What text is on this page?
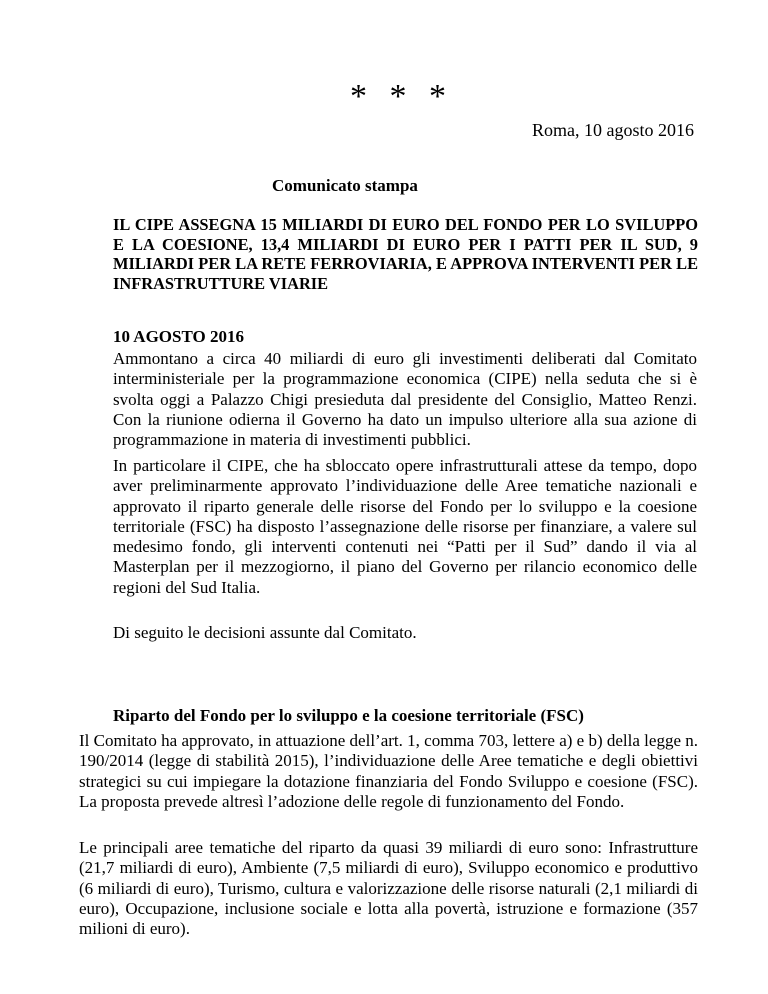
* * *
Roma, 10 agosto 2016
Comunicato stampa
IL CIPE ASSEGNA 15 MILIARDI DI EURO DEL FONDO PER LO SVILUPPO E LA COESIONE, 13,4 MILIARDI DI EURO PER I PATTI PER IL SUD, 9 MILIARDI PER LA RETE FERROVIARIA, E APPROVA INTERVENTI PER LE INFRASTRUTTURE VIARIE
10 AGOSTO 2016

Ammontano a circa 40 miliardi di euro gli investimenti deliberati dal Comitato interministeriale per la programmazione economica (CIPE) nella seduta che si è svolta oggi a Palazzo Chigi presieduta dal presidente del Consiglio, Matteo Renzi. Con la riunione odierna il Governo ha dato un impulso ulteriore alla sua azione di programmazione in materia di investimenti pubblici.

In particolare il CIPE, che ha sbloccato opere infrastrutturali attese da tempo, dopo aver preliminarmente approvato l’individuazione delle Aree tematiche nazionali e approvato il riparto generale delle risorse del Fondo per lo sviluppo e la coesione territoriale (FSC) ha disposto l’assegnazione delle risorse per finanziare, a valere sul medesimo fondo, gli interventi contenuti nei “Patti per il Sud” dando il via al Masterplan per il mezzogiorno, il piano del Governo per rilancio economico delle regioni del Sud Italia.

Di seguito le decisioni assunte dal Comitato.

Riparto del Fondo per lo sviluppo e la coesione territoriale (FSC)

Il Comitato ha approvato, in attuazione dell’art. 1, comma 703, lettere a) e b) della legge n. 190/2014 (legge di stabilità 2015), l’individuazione delle Aree tematiche e degli obiettivi strategici su cui impiegare la dotazione finanziaria del Fondo Sviluppo e coesione (FSC). La proposta prevede altresì l’adozione delle regole di funzionamento del Fondo.

Le principali aree tematiche del riparto da quasi 39 miliardi di euro sono: Infrastrutture (21,7 miliardi di euro), Ambiente (7,5 miliardi di euro), Sviluppo economico e produttivo (6 miliardi di euro), Turismo, cultura e valorizzazione delle risorse naturali (2,1 miliardi di euro), Occupazione, inclusione sociale e lotta alla povertà, istruzione e formazione (357 milioni di euro).
